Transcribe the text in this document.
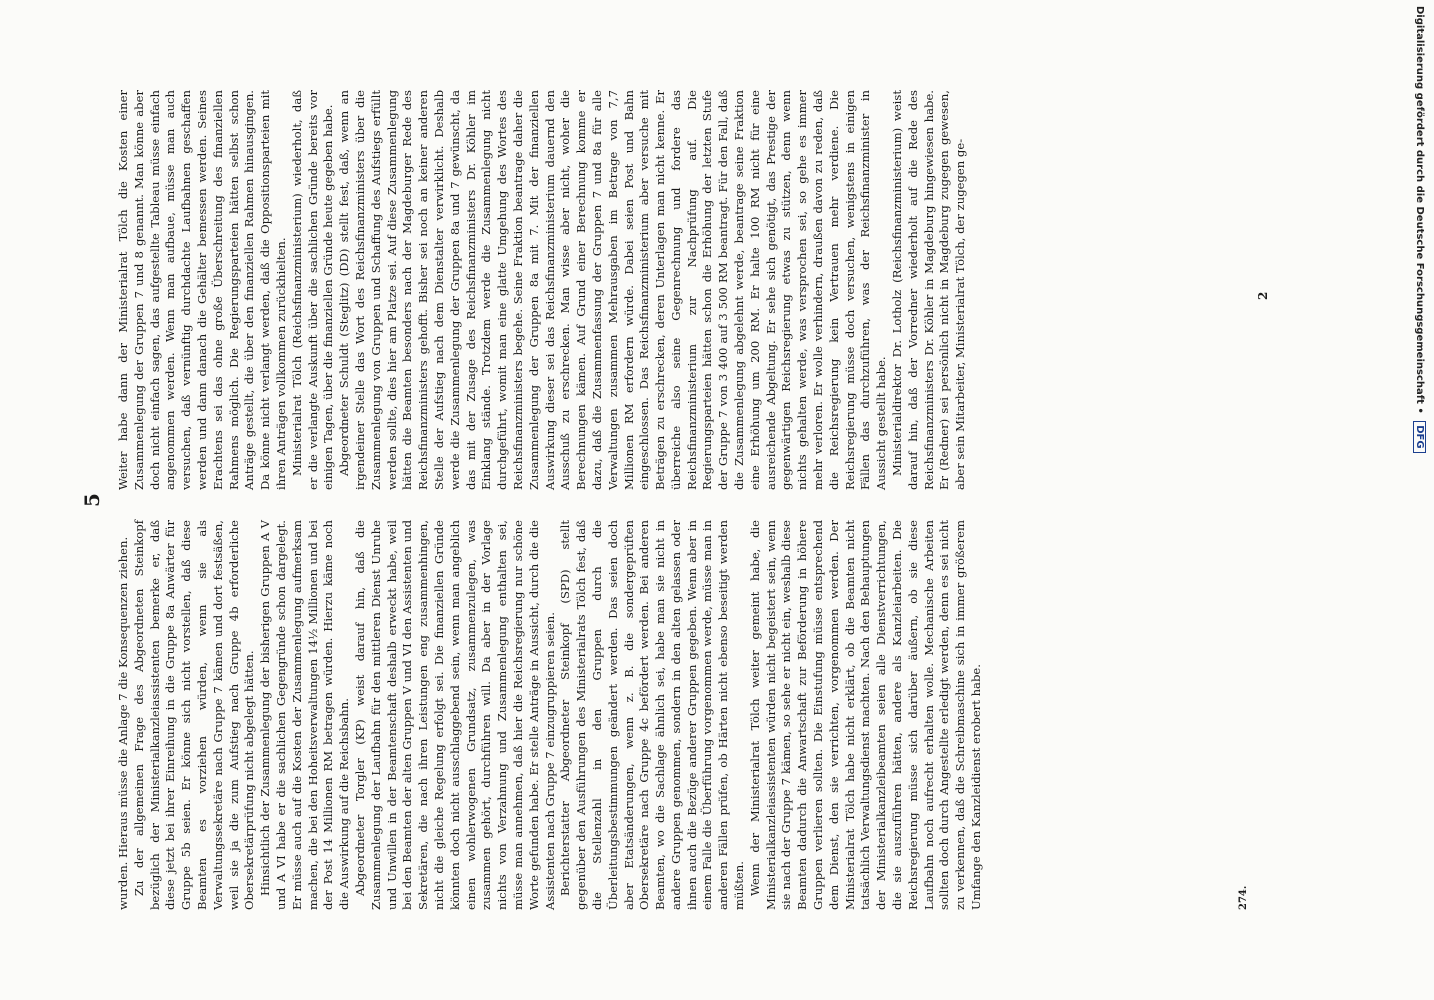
5

wurden. Hieraus müsse die Anlage 7 die Konsequenzen ziehen. Zu der allgemeinen Frage des Abgeordneten Steinkopf bezüglich der Ministerialkanzleiassistenten bemerke er, daß diese jetzt bei ihrer Einreihung in die Gruppe 8a Anwärter für Gruppe 5b seien. Er könne sich nicht vorstellen, daß diese Beamten es vorziehen würden, wenn sie als Verwaltungssekretäre nach Gruppe 7 kämen und dort festsäßen, weil sie ja die zum Aufstieg nach Gruppe 4b erforderliche Obersekretärprüfung nicht abgelegt hätten. Hinsichtlich der Zusammenlegung der bisherigen Gruppen A V und A VI habe er die sachlichen Gegengründe schon dargelegt. Er müsse auch auf die Kosten der Zusammenlegung aufmerksam machen, die bei den Hoheitsverwaltungen 14½ Millionen und bei der Post 14 Millionen RM betragen würden. Hierzu käme noch die Auswirkung auf die Reichsbahn. Abgeordneter Torgler (KP) weist darauf hin, daß die Zusammenlegung der Laufbahn für den mittleren Dienst Unruhe und Unwillen in der Beamtenschaft deshalb erweckt habe, weil bei den Beamten der alten Gruppen V und VI den Assistenten und Sekretären, die nach ihren Leistungen eng zusammenhingen, nicht die gleiche Regelung erfolgt sei. Die finanziellen Gründe könnten doch nicht ausschlaggebend sein, wenn man angeblich einen wohlerwogenen Grundsatz, zusammenzulegen, was zusammen gehört, durchführen will. Da aber in der Vorlage nichts von Verzahnung und Zusammenlegung enthalten sei, müsse man annehmen, daß hier die Reichsregierung nur schöne Worte gefunden habe. Er stelle Anträge in Aussicht, durch die die Assistenten nach Gruppe 7 einzugruppieren seien. Berichterstatter Abgeordneter Steinkopf (SPD) stellt gegenüber den Ausführungen des Ministerialrats Tölch fest, daß die Stellenzahl in den Gruppen durch die Überleitungsbestimmungen geändert werden. Das seien doch aber Etatsänderungen, wenn z. B. die sondergeprüften Obersekretäre nach Gruppe 4c befördert werden. Bei anderen Beamten, wo die Sachlage ähnlich sei, habe man sie nicht in andere Gruppen genommen, sondern in den alten gelassen oder ihnen auch die Bezüge anderer Gruppen gegeben. Wenn aber in einem Falle die Überführung vorgenommen werde, müsse man in anderen Fällen prüfen, ob Härten nicht ebenso beseitigt werden müßten. Wenn der Ministerialrat Tölch weiter gemeint habe, die Ministerialkanzleiassistenten würden nicht begeistert sein, wenn sie nach der Gruppe 7 kämen, so sehe er nicht ein, weshalb diese Beamten dadurch die Anwartschaft zur Beförderung in höhere Gruppen verlieren sollten. Die Einstufung müsse entsprechend dem Dienst, den sie verrichten, vorgenommen werden. Der Ministerialrat Tölch habe nicht erklärt, ob die Beamten nicht tatsächlich Verwaltungsdienst machten. Nach den Behauptungen der Ministerialkanzleibeamten seien alle Dienstverrichtungen, die sie auszuführen hätten, andere als Kanzleiarbeiten. Die Reichsregierung müsse sich darüber äußern, ob sie diese Laufbahn noch aufrecht erhalten wolle. Mechanische Arbeiten sollten doch durch Angestellte erledigt werden, denn es sei nicht zu verkennen, daß die Schreibmaschine sich in immer größerem Umfange den Kanzleidienst erobert habe.	274.

Weiter habe dann der Ministerialrat Tölch die Kosten einer Zusammenlegung der Gruppen 7 und 8 genannt. Man könne aber doch nicht einfach sagen, das aufgestellte Tableau müsse einfach angenommen werden. Wenn man aufbaue, müsse man auch versuchen, daß vernünftig durchdachte Laufbahnen geschaffen werden und dann danach die Gehälter bemessen werden. Seines Erachtens sei das ohne große Überschreitung des finanziellen Rahmens möglich. Die Regierungsparteien hätten selbst schon Anträge gestellt, die über den finanziellen Rahmen hinausgingen. Da könne nicht verlangt werden, daß die Oppositionsparteien mit ihren Anträgen vollkommen zurückhielten. Ministerialrat Tölch (Reichsfinanzministerium) wiederholt, daß er die verlangte Auskunft über die sachlichen Gründe bereits vor einigen Tagen, über die finanziellen Gründe heute gegeben habe. Abgeordneter Schuldt (Steglitz) (DD) stellt fest, daß, wenn an irgendeiner Stelle das Wort des Reichsfinanzministers über die Zusammenlegung von Gruppen und Schaffung des Aufstiegs erfüllt werden sollte, dies hier am Platze sei. Auf diese Zusammenlegung hätten die Beamten besonders nach der Magdeburger Rede des Reichsfinanzministers gehofft. Bisher sei noch an keiner anderen Stelle der Aufstieg nach dem Dienstalter verwirklicht. Deshalb werde die Zusammenlegung der Gruppen 8a und 7 gewünscht, da das mit der Zusage des Reichsfinanzministers Dr. Köhler im Einklang stände. Trotzdem werde die Zusammenlegung nicht durchgeführt, womit man eine glatte Umgehung des Wortes des Reichsfinanzministers begehe. Seine Fraktion beantrage daher die Zusammenlegung der Gruppen 8a mit 7. Mit der finanziellen Auswirkung dieser sei das Reichsfinanzministerium dauernd den Ausschuß zu erschrecken. Man wisse aber nicht, woher die Berechnungen kämen. Auf Grund einer Berechnung komme er dazu, daß die Zusammenfassung der Gruppen 7 und 8a für alle Verwaltungen zusammen Mehrausgaben im Betrage von 7,7 Millionen RM erfordern würde. Dabei seien Post und Bahn eingeschlossen. Das Reichsfinanzministerium aber versuche mit Beträgen zu erschrecken, deren Unterlagen man nicht kenne. Er überreiche also seine Gegenrechnung und fordere das Reichsfinanzministerium zur Nachprüfung auf. Die Regierungsparteien hätten schon die Erhöhung der letzten Stufe der Gruppe 7 von 3 400 auf 3 500 RM beantragt. Für den Fall, daß die Zusammenlegung abgelehnt werde, beantrage seine Fraktion eine Erhöhung um 200 RM. Er halte 100 RM nicht für eine ausreichende Abgeltung. Er sehe sich genötigt, das Prestige der gegenwärtigen Reichsregierung etwas zu stützen, denn wenn nichts gehalten werde, was versprochen sei, so gehe es immer mehr verloren. Er wolle verhindern, draußen davon zu reden, daß die Reichsregierung kein Vertrauen mehr verdiene. Die Reichsregierung müsse doch versuchen, wenigstens in einigen Fällen das durchzuführen, was der Reichsfinanzminister in Aussicht gestellt habe. Ministerialdirektor Dr. Lotholz (Reichsfinanzministerium) weist darauf hin, daß der Vorredner wiederholt auf die Rede des Reichsfinanzministers Dr. Köhler in Magdeburg hingewiesen habe. Er (Redner) sei persönlich nicht in Magdeburg zugegen gewesen, aber sein Mitarbeiter, Ministerialrat Tölch, der zugegen ge-	2	Digitalisierung gefördert durch die Deutsche Forschungsgemeinschaft • DFG
